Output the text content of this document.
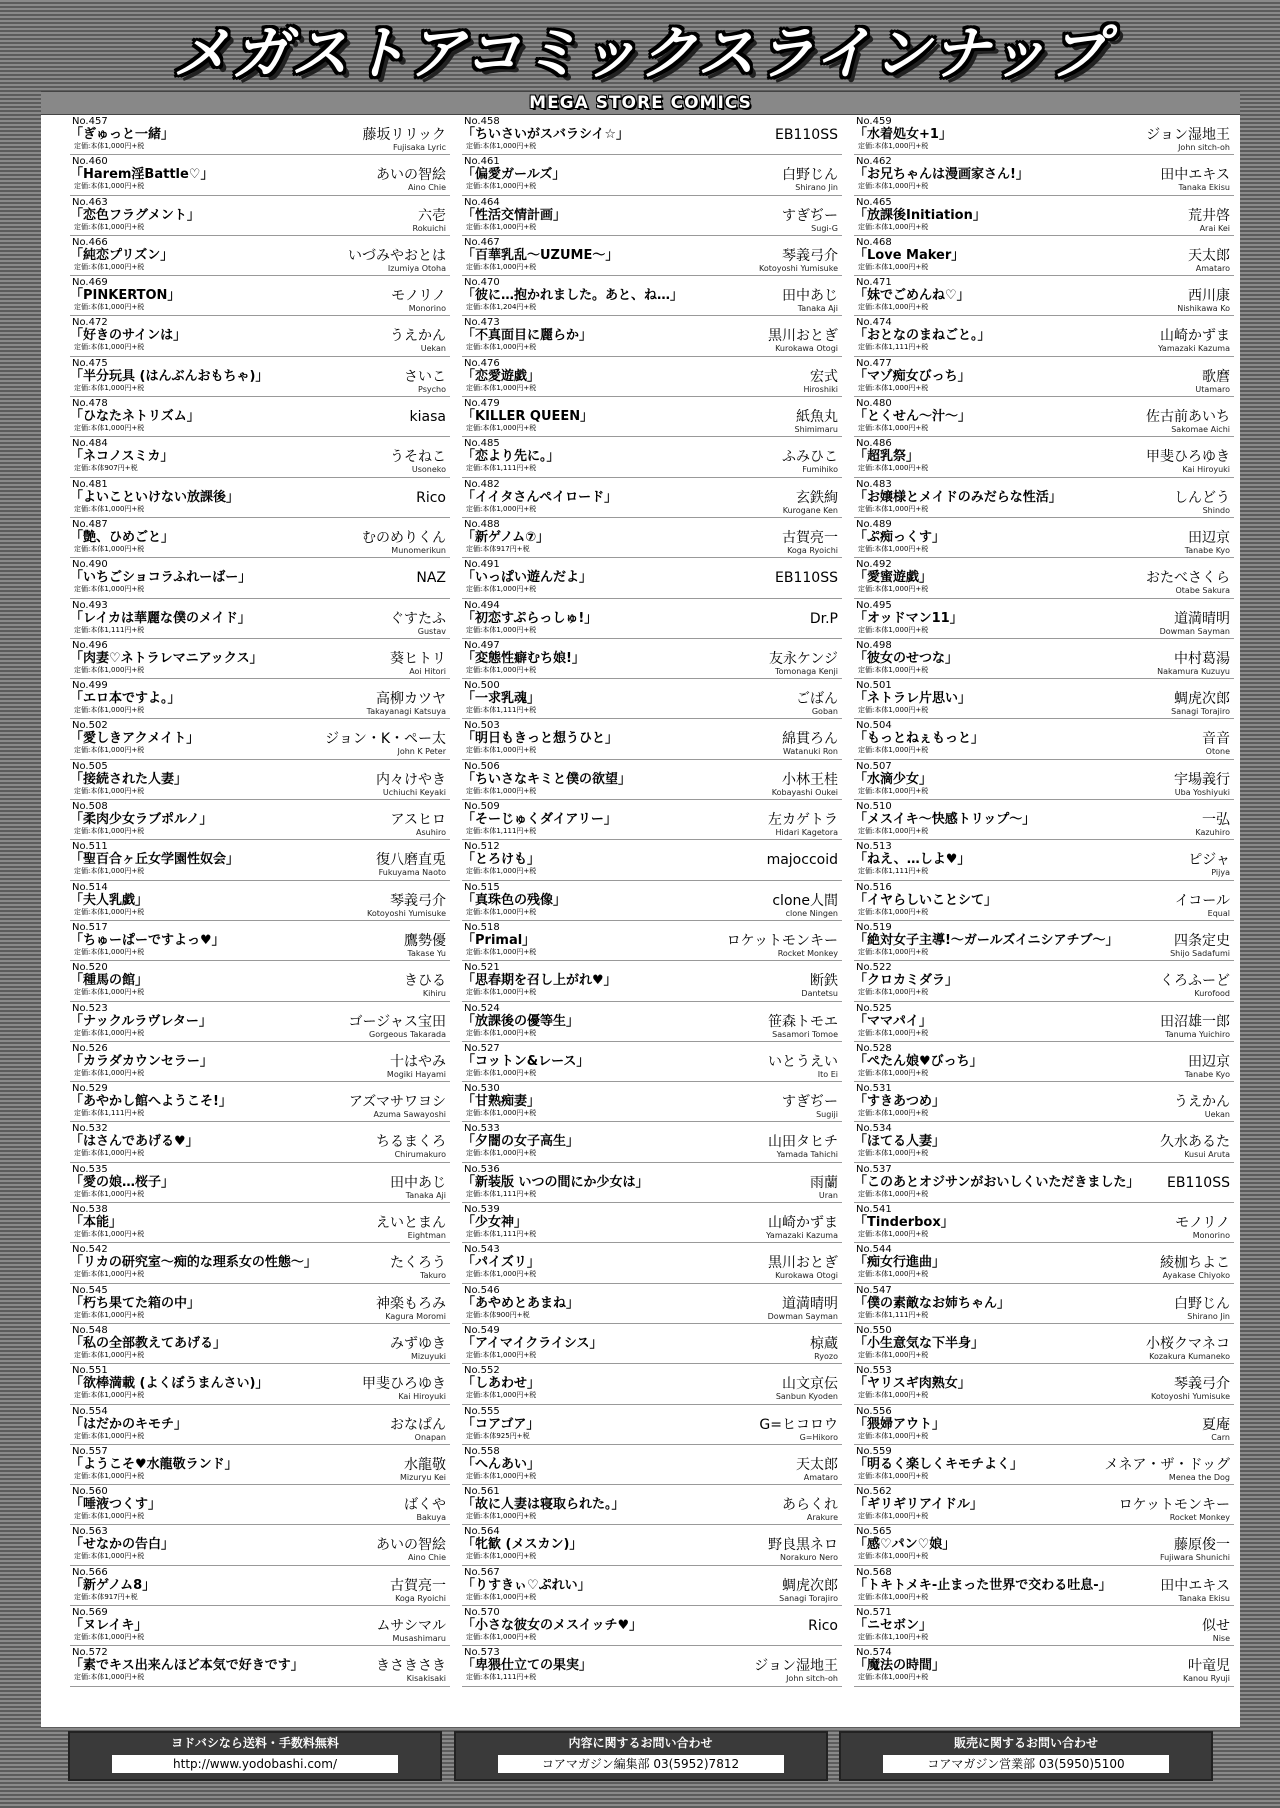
メガストアコミックスラインナップ
MEGA STORE COMICS
No.457
「ぎゅっと一緒」
定価:本体1,000円+税
藤坂リリック
Fujisaka Lyric
No.460
「Harem淫Battle♡」
定価:本体1,000円+税
あいの智絵
Aino Chie
No.463
「恋色フラグメント」
定価:本体1,000円+税
六壱
Rokuichi
No.466
「純恋プリズン」
定価:本体1,000円+税
いづみやおとは
Izumiya Otoha
No.469
「PINKERTON」
定価:本体1,000円+税
モノリノ
Monorino
No.472
「好きのサインは」
定価:本体1,000円+税
うえかん
Uekan
No.475
「半分玩具 (はんぶんおもちゃ)」
定価:本体1,000円+税
さいこ
Psycho
No.478
「ひなたネトリズム」
定価:本体1,000円+税
kiasa
No.484
「ネコノスミカ」
定価:本体907円+税
うそねこ
Usoneko
No.481
「よいこといけない放課後」
定価:本体1,000円+税
Rico
No.487
「艶、ひめごと」
定価:本体1,000円+税
むのめりくん
Munomerikun
No.490
「いちごショコラふれーばー」
定価:本体1,000円+税
NAZ
No.493
「レイカは華麗な僕のメイド」
定価:本体1,111円+税
ぐすたふ
Gustav
No.496
「肉妻♡ネトラレマニアックス」
定価:本体1,000円+税
葵ヒトリ
Aoi Hitori
No.499
「エロ本ですよ。」
定価:本体1,000円+税
高柳カツヤ
Takayanagi Katsuya
No.502
「愛しきアクメイト」
定価:本体1,000円+税
ジョン・K・ペー太
John K Peter
No.505
「接続された人妻」
定価:本体1,000円+税
内々けやき
Uchiuchi Keyaki
No.508
「柔肉少女ラブポルノ」
定価:本体1,000円+税
アスヒロ
Asuhiro
No.511
「聖百合ヶ丘女学園性奴会」
定価:本体1,000円+税
復八磨直兎
Fukuyama Naoto
No.514
「夫人乳戯」
定価:本体1,000円+税
琴義弓介
Kotoyoshi Yumisuke
No.517
「ちゅーぱーですよっ♥」
定価:本体1,000円+税
鷹勢優
Takase Yu
No.520
「種馬の館」
定価:本体1,000円+税
きひる
Kihiru
No.523
「ナックルラヴレター」
定価:本体1,000円+税
ゴージャス宝田
Gorgeous Takarada
No.526
「カラダカウンセラー」
定価:本体1,000円+税
十はやみ
Mogiki Hayami
No.529
「あやかし館へようこそ!」
定価:本体1,111円+税
アズマサワヨシ
Azuma Sawayoshi
No.532
「はさんであげる♥」
定価:本体1,000円+税
ちるまくろ
Chirumakuro
No.535
「愛の娘…桜子」
定価:本体1,000円+税
田中あじ
Tanaka Aji
No.538
「本能」
定価:本体1,000円+税
えいとまん
Eightman
No.542
「リカの研究室〜痴的な理系女の性態〜」
定価:本体1,000円+税
たくろう
Takuro
No.545
「朽ち果てた箱の中」
定価:本体1,000円+税
神楽もろみ
Kagura Moromi
No.548
「私の全部教えてあげる」
定価:本体1,000円+税
みずゆき
Mizuyuki
No.551
「欲棒満載 (よくぼうまんさい)」
定価:本体1,000円+税
甲斐ひろゆき
Kai Hiroyuki
No.554
「はだかのキモチ」
定価:本体1,000円+税
おなぱん
Onapan
No.557
「ようこそ♥水龍敬ランド」
定価:本体1,000円+税
水龍敬
Mizuryu Kei
No.560
「唾液つくす」
定価:本体1,000円+税
ばくや
Bakuya
No.563
「せなかの告白」
定価:本体1,000円+税
あいの智絵
Aino Chie
No.566
「新ゲノム8」
定価:本体917円+税
古賀亮一
Koga Ryoichi
No.569
「ヌレイキ」
定価:本体1,000円+税
ムサシマル
Musashimaru
No.572
「素でキス出来んほど本気で好きです」
定価:本体1,000円+税
きさきさき
Kisakisaki
No.458
「ちいさいがスバラシイ☆」
定価:本体1,000円+税
EB110SS
No.461
「偏愛ガールズ」
定価:本体1,000円+税
白野じん
Shirano Jin
No.464
「性活交情計画」
定価:本体1,000円+税
すぎぢー
Sugi-G
No.467
「百華乳乱〜UZUME〜」
定価:本体1,000円+税
琴義弓介
Kotoyoshi Yumisuke
No.470
「彼に…抱かれました。あと、ね…」
定価:本体1,204円+税
田中あじ
Tanaka Aji
No.473
「不真面目に麗らか」
定価:本体1,000円+税
黒川おとぎ
Kurokawa Otogi
No.476
「恋愛遊戯」
定価:本体1,000円+税
宏式
Hiroshiki
No.479
「KILLER QUEEN」
定価:本体1,000円+税
紙魚丸
Shimimaru
No.485
「恋より先に。」
定価:本体1,111円+税
ふみひこ
Fumihiko
No.482
「イイタさんペイロード」
定価:本体1,000円+税
玄鉄絢
Kurogane Ken
No.488
「新ゲノム⑦」
定価:本体917円+税
古賀亮一
Koga Ryoichi
No.491
「いっぱい遊んだよ」
定価:本体1,000円+税
EB110SS
No.494
「初恋すぷらっしゅ!」
定価:本体1,000円+税
Dr.P
No.497
「変態性癖むち娘!」
定価:本体1,000円+税
友永ケンジ
Tomonaga Kenji
No.500
「一求乳魂」
定価:本体1,111円+税
ごばん
Goban
No.503
「明日もきっと想うひと」
定価:本体1,000円+税
綿貫ろん
Watanuki Ron
No.506
「ちいさなキミと僕の欲望」
定価:本体1,000円+税
小林王桂
Kobayashi Oukei
No.509
「そーじゅくダイアリー」
定価:本体1,111円+税
左カゲトラ
Hidari Kagetora
No.512
「とろけも」
定価:本体1,000円+税
majoccoid
No.515
「真珠色の残像」
定価:本体1,000円+税
clone人間
clone Ningen
No.518
「Primal」
定価:本体1,000円+税
ロケットモンキー
Rocket Monkey
No.521
「思春期を召し上がれ♥」
定価:本体1,000円+税
断鉄
Dantetsu
No.524
「放課後の優等生」
定価:本体1,000円+税
笹森トモエ
Sasamori Tomoe
No.527
「コットン&レース」
定価:本体1,000円+税
いとうえい
Ito Ei
No.530
「甘熟痴妻」
定価:本体1,000円+税
すぎぢー
Sugiji
No.533
「夕闇の女子高生」
定価:本体1,000円+税
山田タヒチ
Yamada Tahichi
No.536
「新装版 いつの間にか少女は」
定価:本体1,111円+税
雨蘭
Uran
No.539
「少女神」
定価:本体1,111円+税
山崎かずま
Yamazaki Kazuma
No.543
「パイズリ」
定価:本体1,000円+税
黒川おとぎ
Kurokawa Otogi
No.546
「あやめとあまね」
定価:本体900円+税
道満晴明
Dowman Sayman
No.549
「アイマイクライシス」
定価:本体1,000円+税
椋蔵
Ryozo
No.552
「しあわせ」
定価:本体1,000円+税
山文京伝
Sanbun Kyoden
No.555
「コアゴア」
定価:本体925円+税
G=ヒコロウ
G=Hikoro
No.558
「へんあい」
定価:本体1,000円+税
天太郎
Amataro
No.561
「故に人妻は寝取られた。」
定価:本体1,000円+税
あらくれ
Arakure
No.564
「牝歓 (メスカン)」
定価:本体1,000円+税
野良黒ネロ
Norakuro Nero
No.567
「りすきぃ♡ぷれい」
定価:本体1,000円+税
蜩虎次郎
Sanagi Torajiro
No.570
「小さな彼女のメスイッチ♥」
定価:本体1,000円+税
Rico
No.573
「卑猥仕立ての果実」
定価:本体1,111円+税
ジョン湿地王
John sitch-oh
No.459
「水着処女+1」
定価:本体1,000円+税
ジョン湿地王
John sitch-oh
No.462
「お兄ちゃんは漫画家さん!」
定価:本体1,000円+税
田中エキス
Tanaka Ekisu
No.465
「放課後Initiation」
定価:本体1,000円+税
荒井啓
Arai Kei
No.468
「Love Maker」
定価:本体1,000円+税
天太郎
Amataro
No.471
「妹でごめんね♡」
定価:本体1,000円+税
西川康
Nishikawa Ko
No.474
「おとなのまねごと。」
定価:本体1,111円+税
山崎かずま
Yamazaki Kazuma
No.477
「マゾ痴女びっち」
定価:本体1,000円+税
歌麿
Utamaro
No.480
「とくせん〜汁〜」
定価:本体1,000円+税
佐古前あいち
Sakomae Aichi
No.486
「超乳祭」
定価:本体1,000円+税
甲斐ひろゆき
Kai Hiroyuki
No.483
「お嬢様とメイドのみだらな性活」
定価:本体1,000円+税
しんどう
Shindo
No.489
「ぷ痴っくす」
定価:本体1,000円+税
田辺京
Tanabe Kyo
No.492
「愛蜜遊戯」
定価:本体1,000円+税
おたべさくら
Otabe Sakura
No.495
「オッドマン11」
定価:本体1,000円+税
道満晴明
Dowman Sayman
No.498
「彼女のせつな」
定価:本体1,000円+税
中村葛湯
Nakamura Kuzuyu
No.501
「ネトラレ片思い」
定価:本体1,000円+税
蜩虎次郎
Sanagi Torajiro
No.504
「もっとねぇもっと」
定価:本体1,000円+税
音音
Otone
No.507
「水滴少女」
定価:本体1,000円+税
宇場義行
Uba Yoshiyuki
No.510
「メスイキ〜快感トリップ〜」
定価:本体1,000円+税
一弘
Kazuhiro
No.513
「ねえ、…しよ♥」
定価:本体1,111円+税
ピジャ
Pijya
No.516
「イヤらしいことシて」
定価:本体1,000円+税
イコール
Equal
No.519
「絶対女子主導!〜ガールズイニシアチブ〜」
定価:本体1,000円+税
四条定史
Shijo Sadafumi
No.522
「クロカミダラ」
定価:本体1,000円+税
くろふーど
Kurofood
No.525
「ママパイ」
定価:本体1,000円+税
田沼雄一郎
Tanuma Yuichiro
No.528
「ぺたん娘♥びっち」
定価:本体1,000円+税
田辺京
Tanabe Kyo
No.531
「すきあつめ」
定価:本体1,000円+税
うえかん
Uekan
No.534
「ほてる人妻」
定価:本体1,000円+税
久水あるた
Kusui Aruta
No.537
「このあとオジサンがおいしくいただきました」
定価:本体1,000円+税
EB110SS
No.541
「Tinderbox」
定価:本体1,000円+税
モノリノ
Monorino
No.544
「痴女行進曲」
定価:本体1,000円+税
綾枷ちよこ
Ayakase Chiyoko
No.547
「僕の素敵なお姉ちゃん」
定価:本体1,111円+税
白野じん
Shirano Jin
No.550
「小生意気な下半身」
定価:本体1,000円+税
小桜クマネコ
Kozakura Kumaneko
No.553
「ヤリスギ肉熟女」
定価:本体1,000円+税
琴義弓介
Kotoyoshi Yumisuke
No.556
「猥婦アウト」
定価:本体1,000円+税
夏庵
Carn
No.559
「明るく楽しくキモチよく」
定価:本体1,000円+税
メネア・ザ・ドッグ
Menea the Dog
No.562
「ギリギリアイドル」
定価:本体1,000円+税
ロケットモンキー
Rocket Monkey
No.565
「感♡パン♡娘」
定価:本体1,000円+税
藤原俊一
Fujiwara Shunichi
No.568
「トキトメキ-止まった世界で交わる吐息-」
定価:本体1,000円+税
田中エキス
Tanaka Ekisu
No.571
「ニセボン」
定価:本体1,100円+税
似せ
Nise
No.574
「魔法の時間」
定価:本体1,000円+税
叶竜児
Kanou Ryuji
ヨドバシなら送料・手数料無料
http://www.yodobashi.com/
内容に関するお問い合わせ
コアマガジン編集部 03(5952)7812
販売に関するお問い合わせ
コアマガジン営業部 03(5950)5100
